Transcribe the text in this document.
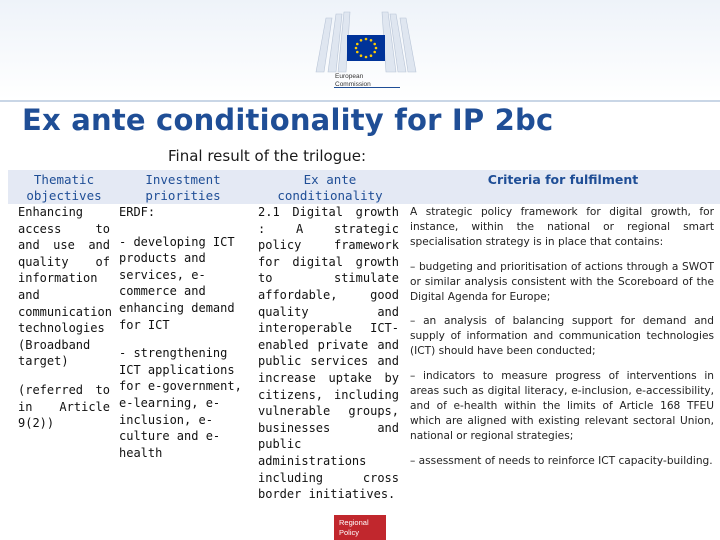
European
Commission
Ex ante conditionality for IP 2bc
Final result of the trilogue:
Thematic objectives
Investment priorities
Ex ante conditionality
Criteria for fulfilment

Enhancing access to and use and quality of information and communication technologies (Broadband target)

(referred to in Article 9(2))

ERDF:

- developing ICT products and services, e-commerce and enhancing demand for ICT

- strengthening ICT applications for e-government, e-learning, e-inclusion, e-culture and e-health

2.1 Digital growth : A strategic policy framework for digital growth to stimulate affordable, good quality and interoperable ICT-enabled private and public services and increase uptake by citizens, including vulnerable groups, businesses and public administrations including cross border initiatives.

A strategic policy framework for digital growth, for instance, within the national or regional smart specialisation strategy is in place that contains:

– budgeting and prioritisation of actions through a SWOT or similar analysis consistent with the Scoreboard of the Digital Agenda for Europe;

– an analysis of balancing support for demand and supply of information and communication technologies (ICT) should have been conducted;

– indicators to measure progress of interventions in areas such as digital literacy, e-inclusion, e-accessibility, and of e-health within the limits of Article 168 TFEU which are aligned with existing relevant sectoral Union, national or regional strategies;

– assessment of needs to reinforce ICT capacity-building.

Regional
Policy
